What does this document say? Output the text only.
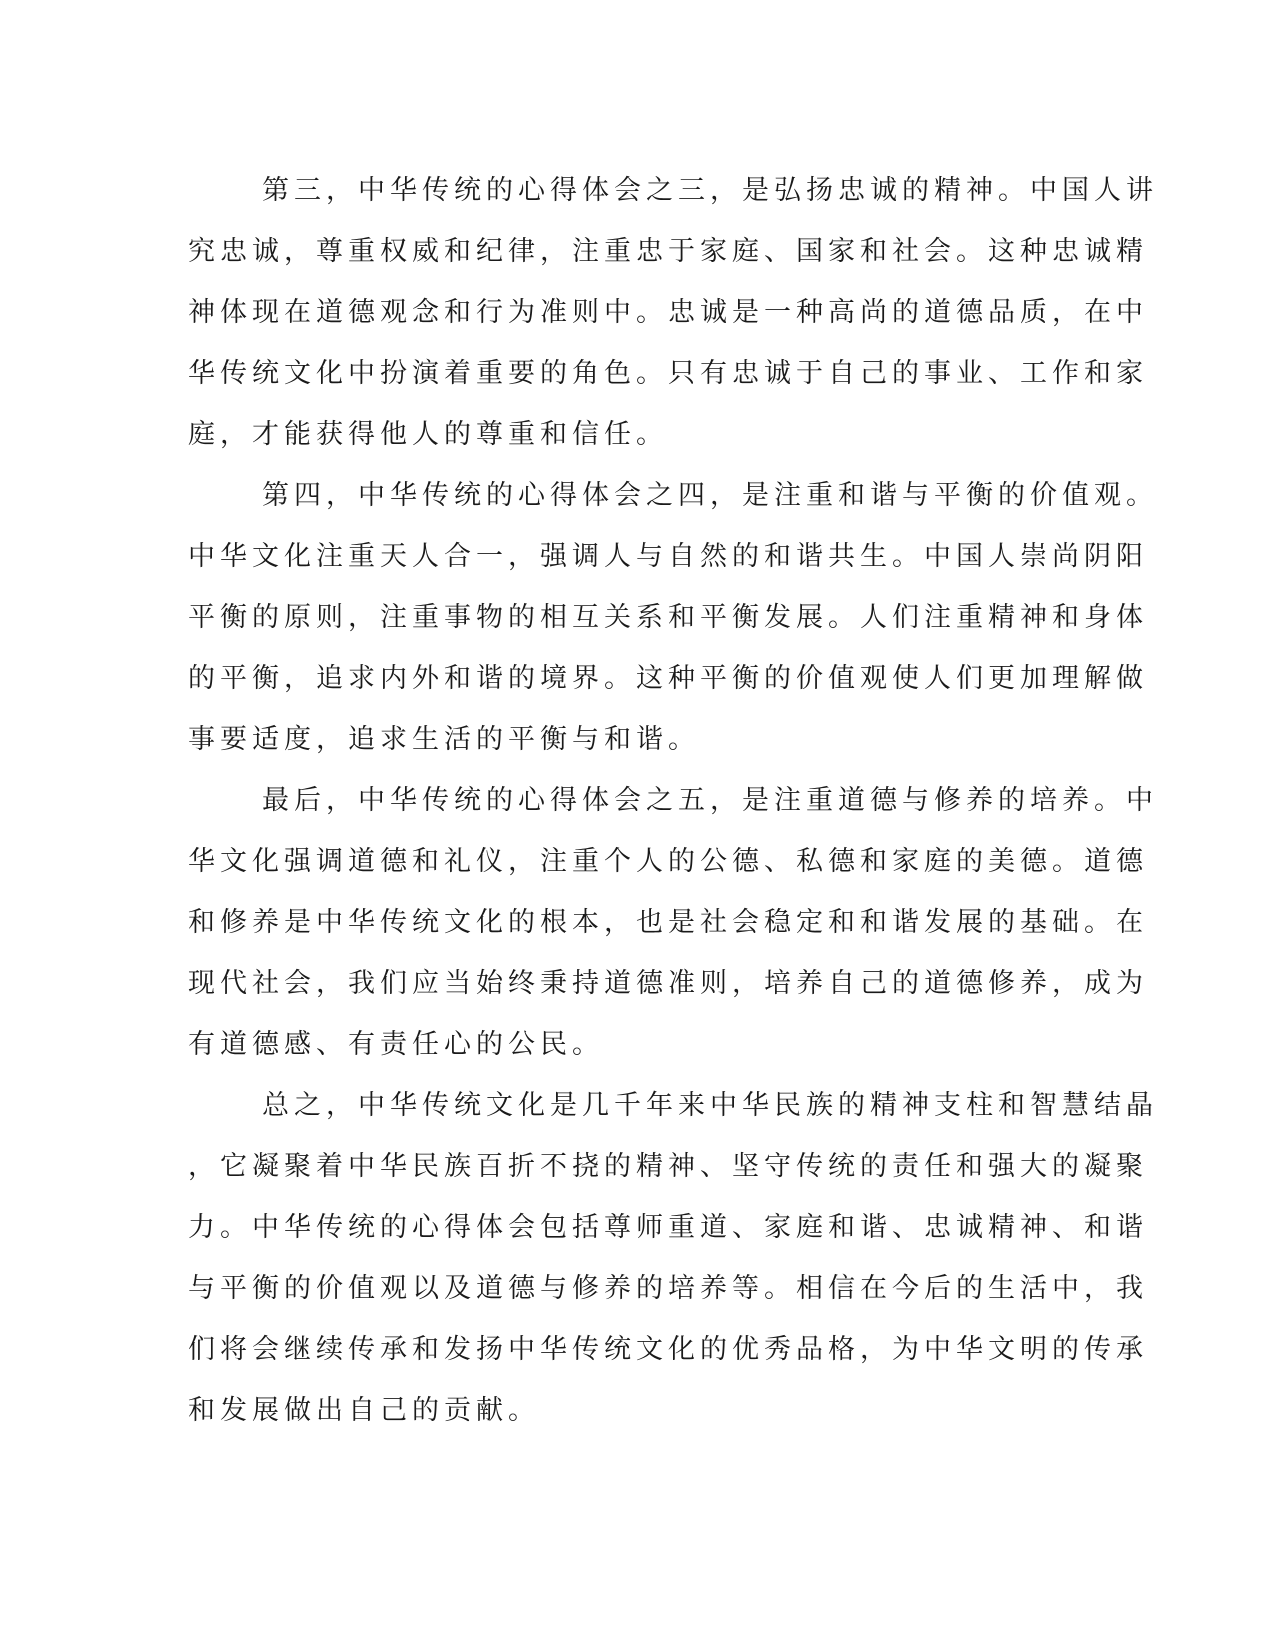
第三，中华传统的心得体会之三，是弘扬忠诚的精神。中国人讲
究忠诚，尊重权威和纪律，注重忠于家庭、国家和社会。这种忠诚精
神体现在道德观念和行为准则中。忠诚是一种高尚的道德品质，在中
华传统文化中扮演着重要的角色。只有忠诚于自己的事业、工作和家
庭，才能获得他人的尊重和信任。
第四，中华传统的心得体会之四，是注重和谐与平衡的价值观。
中华文化注重天人合一，强调人与自然的和谐共生。中国人崇尚阴阳
平衡的原则，注重事物的相互关系和平衡发展。人们注重精神和身体
的平衡，追求内外和谐的境界。这种平衡的价值观使人们更加理解做
事要适度，追求生活的平衡与和谐。
最后，中华传统的心得体会之五，是注重道德与修养的培养。中
华文化强调道德和礼仪，注重个人的公德、私德和家庭的美德。道德
和修养是中华传统文化的根本，也是社会稳定和和谐发展的基础。在
现代社会，我们应当始终秉持道德准则，培养自己的道德修养，成为
有道德感、有责任心的公民。
总之，中华传统文化是几千年来中华民族的精神支柱和智慧结晶
，它凝聚着中华民族百折不挠的精神、坚守传统的责任和强大的凝聚
力。中华传统的心得体会包括尊师重道、家庭和谐、忠诚精神、和谐
与平衡的价值观以及道德与修养的培养等。相信在今后的生活中，我
们将会继续传承和发扬中华传统文化的优秀品格，为中华文明的传承
和发展做出自己的贡献。
